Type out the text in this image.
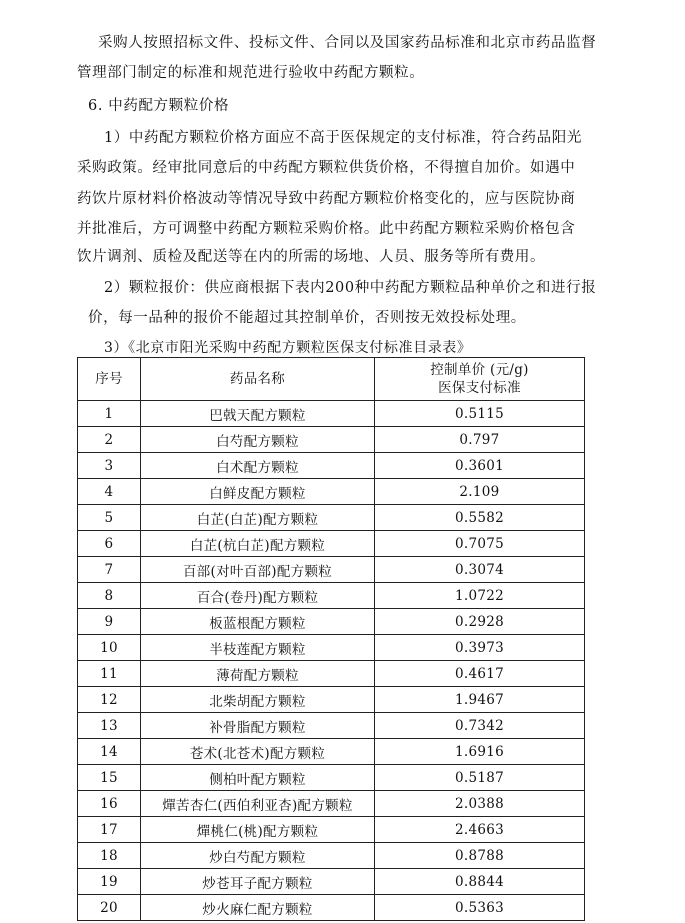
采购人按照招标文件、投标文件、合同以及国家药品标准和北京市药品监督
管理部门制定的标准和规范进行验收中药配方颗粒。
6. 中药配方颗粒价格
1）中药配方颗粒价格方面应不高于医保规定的支付标准，符合药品阳光
采购政策。经审批同意后的中药配方颗粒供货价格，不得擅自加价。如遇中
药饮片原材料价格波动等情况导致中药配方颗粒价格变化的，应与医院协商
并批准后，方可调整中药配方颗粒采购价格。此中药配方颗粒采购价格包含
饮片调剂、质检及配送等在内的所需的场地、人员、服务等所有费用。
2）颗粒报价：供应商根据下表内200种中药配方颗粒品种单价之和进行报
价，每一品种的报价不能超过其控制单价，否则按无效投标处理。
3）《北京市阳光采购中药配方颗粒医保支付标准目录表》
序号	药品名称	控制单价 (元/g)
医保支付标准

1	巴戟天配方颗粒	0.5115
2	白芍配方颗粒	0.797
3	白术配方颗粒	0.3601
4	白鲜皮配方颗粒	2.109
5	白芷(白芷)配方颗粒	0.5582
6	白芷(杭白芷)配方颗粒	0.7075
7	百部(对叶百部)配方颗粒	0.3074
8	百合(卷丹)配方颗粒	1.0722
9	板蓝根配方颗粒	0.2928
10	半枝莲配方颗粒	0.3973
11	薄荷配方颗粒	0.4617
12	北柴胡配方颗粒	1.9467
13	补骨脂配方颗粒	0.7342
14	苍术(北苍术)配方颗粒	1.6916
15	侧柏叶配方颗粒	0.5187
16	燀苦杏仁(西伯利亚杏)配方颗粒	2.0388
17	燀桃仁(桃)配方颗粒	2.4663
18	炒白芍配方颗粒	0.8788
19	炒苍耳子配方颗粒	0.8844
20	炒火麻仁配方颗粒	0.5363
